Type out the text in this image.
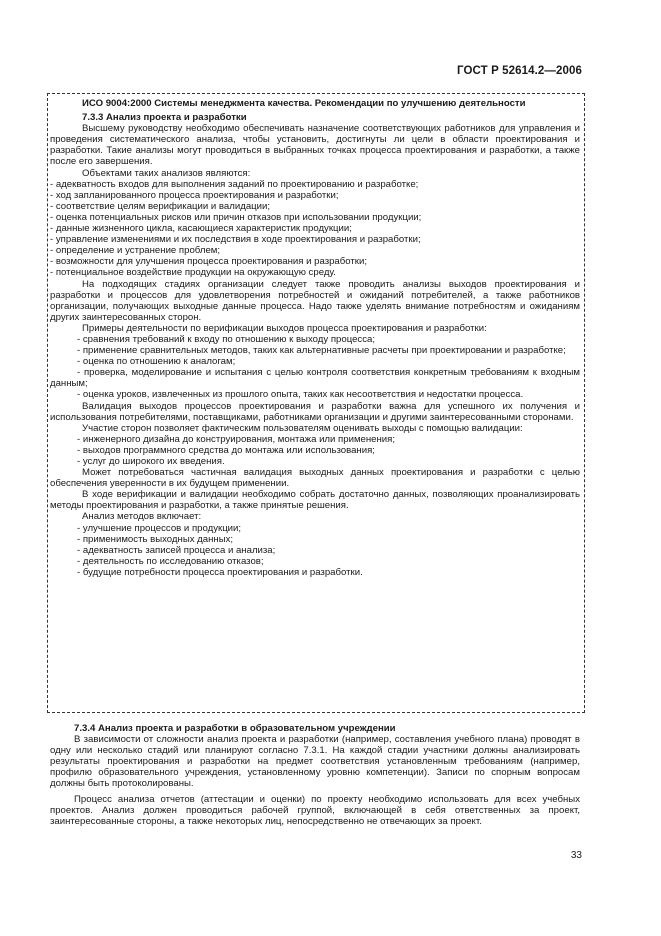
ГОСТ Р 52614.2—2006

ИСО 9004:2000 Системы менеджмента качества. Рекомендации по улучшению деятельности

7.3.3 Анализ проекта и разработки

Высшему руководству необходимо обеспечивать назначение соответствующих работников для управления и проведения систематического анализа, чтобы установить, достигнуты ли цели в области проектирования и разработки. Такие анализы могут проводиться в выбранных точках процесса проектирования и разработки, а также после его завершения.

Объектами таких анализов являются:

- адекватность входов для выполнения заданий по проектированию и разработке;

- ход запланированного процесса проектирования и разработки;

- соответствие целям верификации и валидации;

- оценка потенциальных рисков или причин отказов при использовании продукции;

- данные жизненного цикла, касающиеся характеристик продукции;

- управление изменениями и их последствия в ходе проектирования и разработки;

- определение и устранение проблем;

- возможности для улучшения процесса проектирования и разработки;

- потенциальное воздействие продукции на окружающую среду.

На подходящих стадиях организации следует также проводить анализы выходов проектирования и разработки и процессов для удовлетворения потребностей и ожиданий потребителей, а также работников организации, получающих выходные данные процесса. Надо также уделять внимание потребностям и ожиданиям других заинтересованных сторон.

Примеры деятельности по верификации выходов процесса проектирования и разработки:

- сравнения требований к входу по отношению к выходу процесса;

- применение сравнительных методов, таких как альтернативные расчеты при проектировании и разработке;

- оценка по отношению к аналогам;

- проверка, моделирование и испытания с целью контроля соответствия конкретным требованиям к входным данным;

- оценка уроков, извлеченных из прошлого опыта, таких как несоответствия и недостатки процесса.

Валидация выходов процессов проектирования и разработки важна для успешного их получения и использования потребителями, поставщиками, работниками организации и другими заинтересованными сторонами.

Участие сторон позволяет фактическим пользователям оценивать выходы с помощью валидации:

- инженерного дизайна до конструирования, монтажа или применения;

- выходов программного средства до монтажа или использования;

- услуг до широкого их введения.

Может потребоваться частичная валидация выходных данных проектирования и разработки с целью обеспечения уверенности в их будущем применении.

В ходе верификации и валидации необходимо собрать достаточно данных, позволяющих проанализировать методы проектирования и разработки, а также принятые решения.

Анализ методов включает:

- улучшение процессов и продукции;

- применимость выходных данных;

- адекватность записей процесса и анализа;

- деятельность по исследованию отказов;

- будущие потребности процесса проектирования и разработки.

7.3.4 Анализ проекта и разработки в образовательном учреждении

В зависимости от сложности анализ проекта и разработки (например, составления учебного плана) проводят в одну или несколько стадий или планируют согласно 7.3.1. На каждой стадии участники должны анализировать результаты проектирования и разработки на предмет соответствия установленным требованиям (например, профилю образовательного учреждения, установленному уровню компетенции). Записи по спорным вопросам должны быть протоколированы.

Процесс анализа отчетов (аттестации и оценки) по проекту необходимо использовать для всех учебных проектов. Анализ должен проводиться рабочей группой, включающей в себя ответственных за проект, заинтересованные стороны, а также некоторых лиц, непосредственно не отвечающих за проект.

33
